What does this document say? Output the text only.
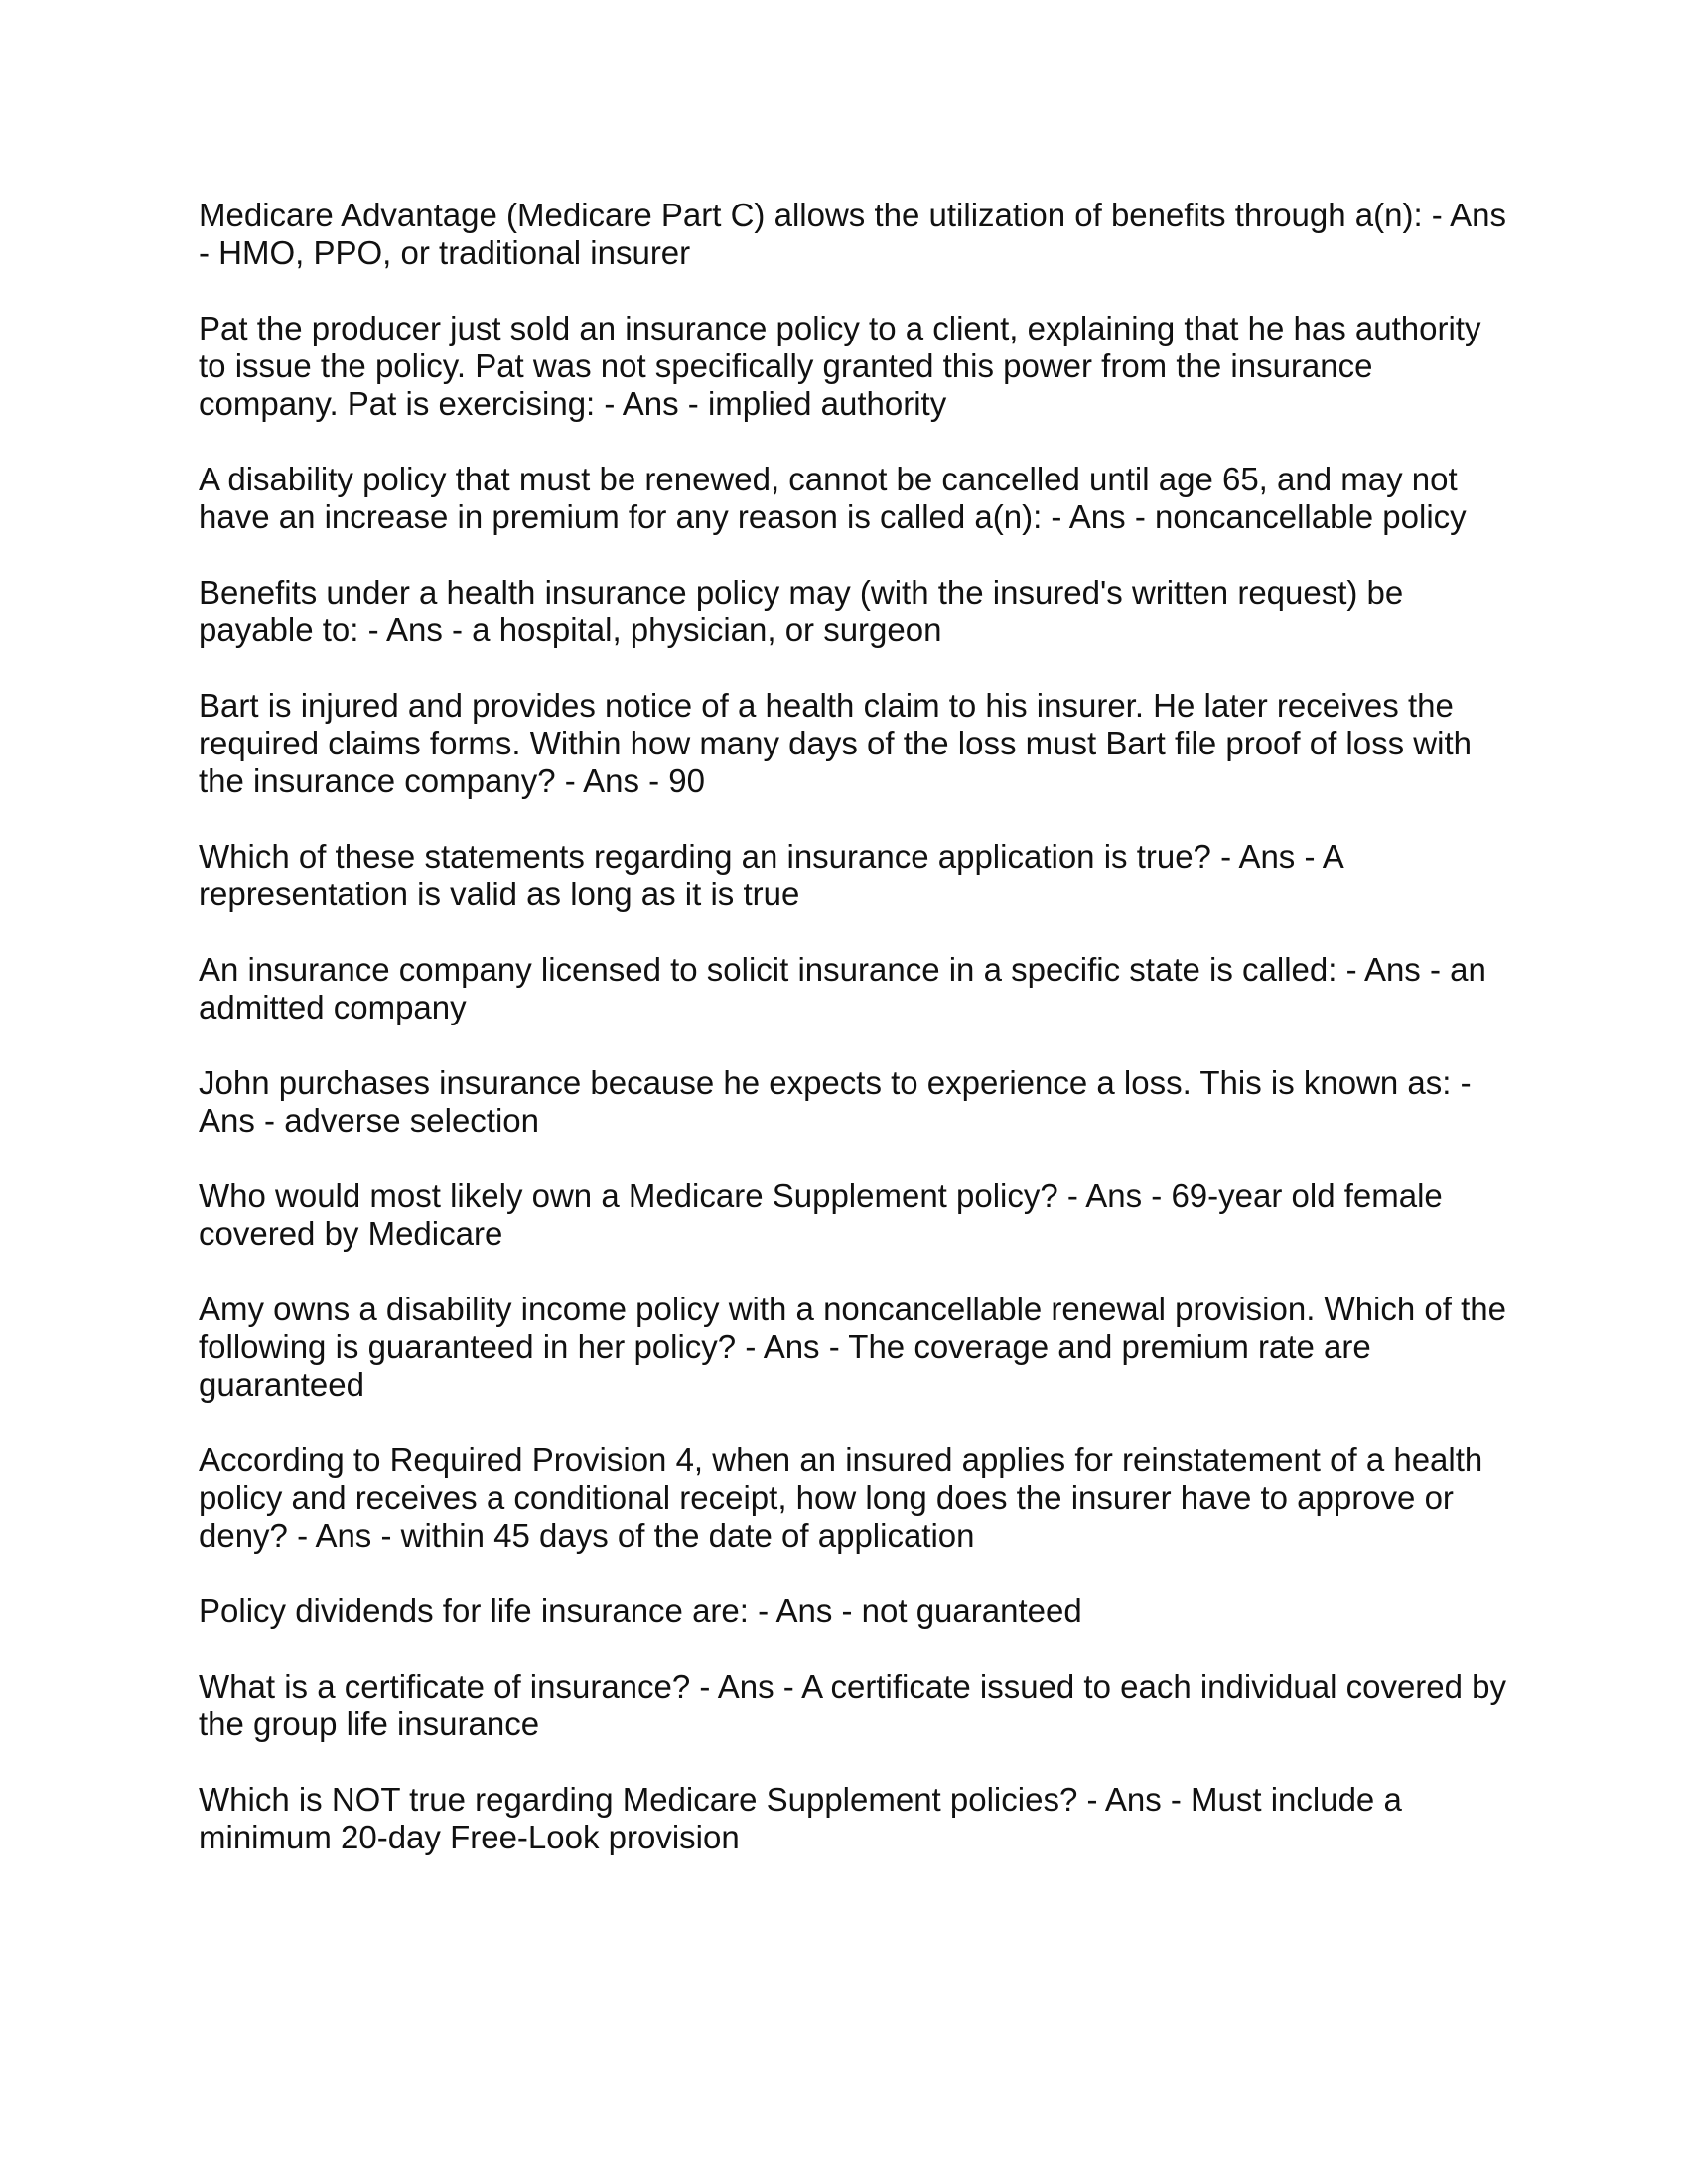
Medicare Advantage (Medicare Part C) allows the utilization of benefits through a(n): - Ans - HMO, PPO, or traditional insurer

Pat the producer just sold an insurance policy to a client, explaining that he has authority to issue the policy. Pat was not specifically granted this power from the insurance company. Pat is exercising: - Ans - implied authority

A disability policy that must be renewed, cannot be cancelled until age 65, and may not have an increase in premium for any reason is called a(n): - Ans - noncancellable policy

Benefits under a health insurance policy may (with the insured's written request) be payable to: - Ans - a hospital, physician, or surgeon

Bart is injured and provides notice of a health claim to his insurer. He later receives the required claims forms. Within how many days of the loss must Bart file proof of loss with the insurance company? - Ans - 90

Which of these statements regarding an insurance application is true? - Ans - A representation is valid as long as it is true

An insurance company licensed to solicit insurance in a specific state is called: - Ans - an admitted company

John purchases insurance because he expects to experience a loss. This is known as: - Ans - adverse selection

Who would most likely own a Medicare Supplement policy? - Ans - 69-year old female covered by Medicare

Amy owns a disability income policy with a noncancellable renewal provision. Which of the following is guaranteed in her policy? - Ans - The coverage and premium rate are guaranteed

According to Required Provision 4, when an insured applies for reinstatement of a health policy and receives a conditional receipt, how long does the insurer have to approve or deny? - Ans - within 45 days of the date of application

Policy dividends for life insurance are: - Ans - not guaranteed

What is a certificate of insurance? - Ans - A certificate issued to each individual covered by the group life insurance

Which is NOT true regarding Medicare Supplement policies? - Ans - Must include a minimum 20-day Free-Look provision
